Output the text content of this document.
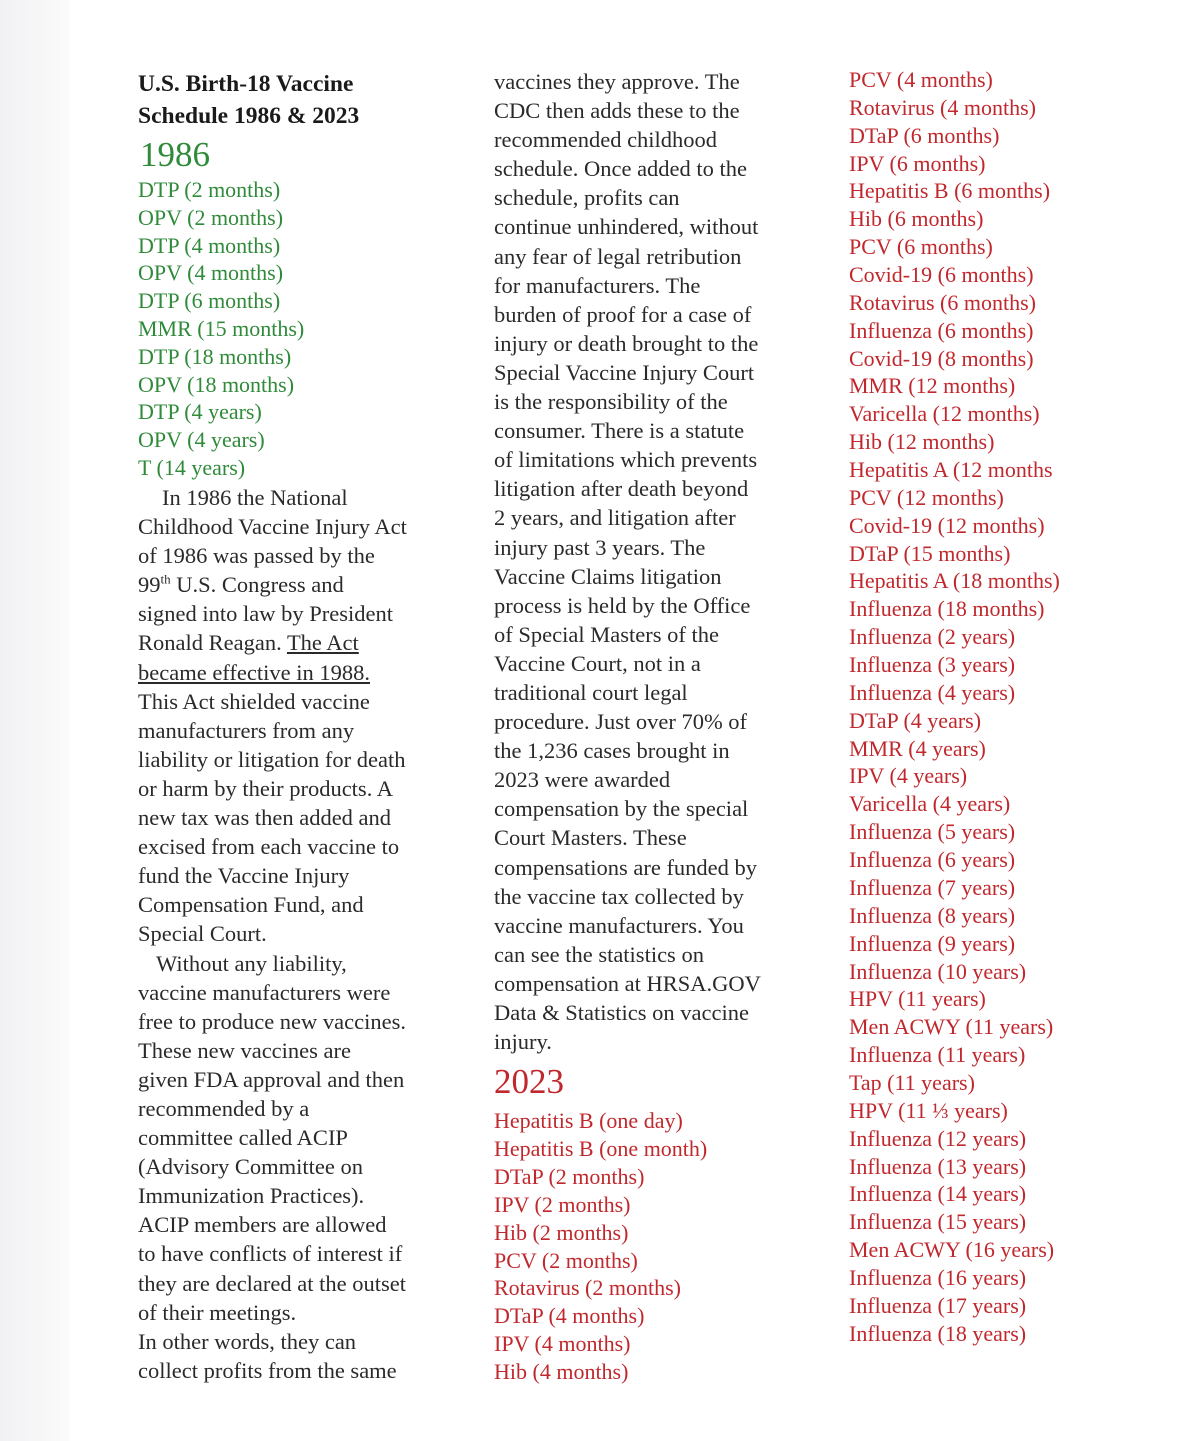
U.S. Birth-18 Vaccine
Schedule 1986 & 2023
1986
DTP (2 months)
OPV (2 months)
DTP (4 months)
OPV (4 months)
DTP (6 months)
MMR (15 months)
DTP (18 months)
OPV (18 months)
DTP (4 years)
OPV (4 years)
T (14 years)
In 1986 the National
Childhood Vaccine Injury Act
of 1986 was passed by the
99th U.S. Congress and
signed into law by President
Ronald Reagan. The Act
became effective in 1988.
This Act shielded vaccine
manufacturers from any
liability or litigation for death
or harm by their products. A
new tax was then added and
excised from each vaccine to
fund the Vaccine Injury
Compensation Fund, and
Special Court.
Without any liability,
vaccine manufacturers were
free to produce new vaccines.
These new vaccines are
given FDA approval and then
recommended by a
committee called ACIP
(Advisory Committee on
Immunization Practices).
ACIP members are allowed
to have conflicts of interest if
they are declared at the outset
of their meetings.
In other words, they can
collect profits from the same
vaccines they approve. The
CDC then adds these to the
recommended childhood
schedule. Once added to the
schedule, profits can
continue unhindered, without
any fear of legal retribution
for manufacturers. The
burden of proof for a case of
injury or death brought to the
Special Vaccine Injury Court
is the responsibility of the
consumer. There is a statute
of limitations which prevents
litigation after death beyond
2 years, and litigation after
injury past 3 years. The
Vaccine Claims litigation
process is held by the Office
of Special Masters of the
Vaccine Court, not in a
traditional court legal
procedure. Just over 70% of
the 1,236 cases brought in
2023 were awarded
compensation by the special
Court Masters. These
compensations are funded by
the vaccine tax collected by
vaccine manufacturers. You
can see the statistics on
compensation at HRSA.GOV
Data & Statistics on vaccine
injury.
2023
Hepatitis B (one day)
Hepatitis B (one month)
DTaP (2 months)
IPV (2 months)
Hib (2 months)
PCV (2 months)
Rotavirus (2 months)
DTaP (4 months)
IPV (4 months)
Hib (4 months)
PCV (4 months)
Rotavirus (4 months)
DTaP (6 months)
IPV (6 months)
Hepatitis B (6 months)
Hib (6 months)
PCV (6 months)
Covid-19 (6 months)
Rotavirus (6 months)
Influenza (6 months)
Covid-19 (8 months)
MMR (12 months)
Varicella (12 months)
Hib (12 months)
Hepatitis A (12 months
PCV (12 months)
Covid-19 (12 months)
DTaP (15 months)
Hepatitis A (18 months)
Influenza (18 months)
Influenza (2 years)
Influenza (3 years)
Influenza (4 years)
DTaP (4 years)
MMR (4 years)
IPV (4 years)
Varicella (4 years)
Influenza (5 years)
Influenza (6 years)
Influenza (7 years)
Influenza (8 years)
Influenza (9 years)
Influenza (10 years)
HPV (11 years)
Men ACWY (11 years)
Influenza (11 years)
Tap (11 years)
HPV (11 ⅓ years)
Influenza (12 years)
Influenza (13 years)
Influenza (14 years)
Influenza (15 years)
Men ACWY (16 years)
Influenza (16 years)
Influenza (17 years)
Influenza (18 years)
